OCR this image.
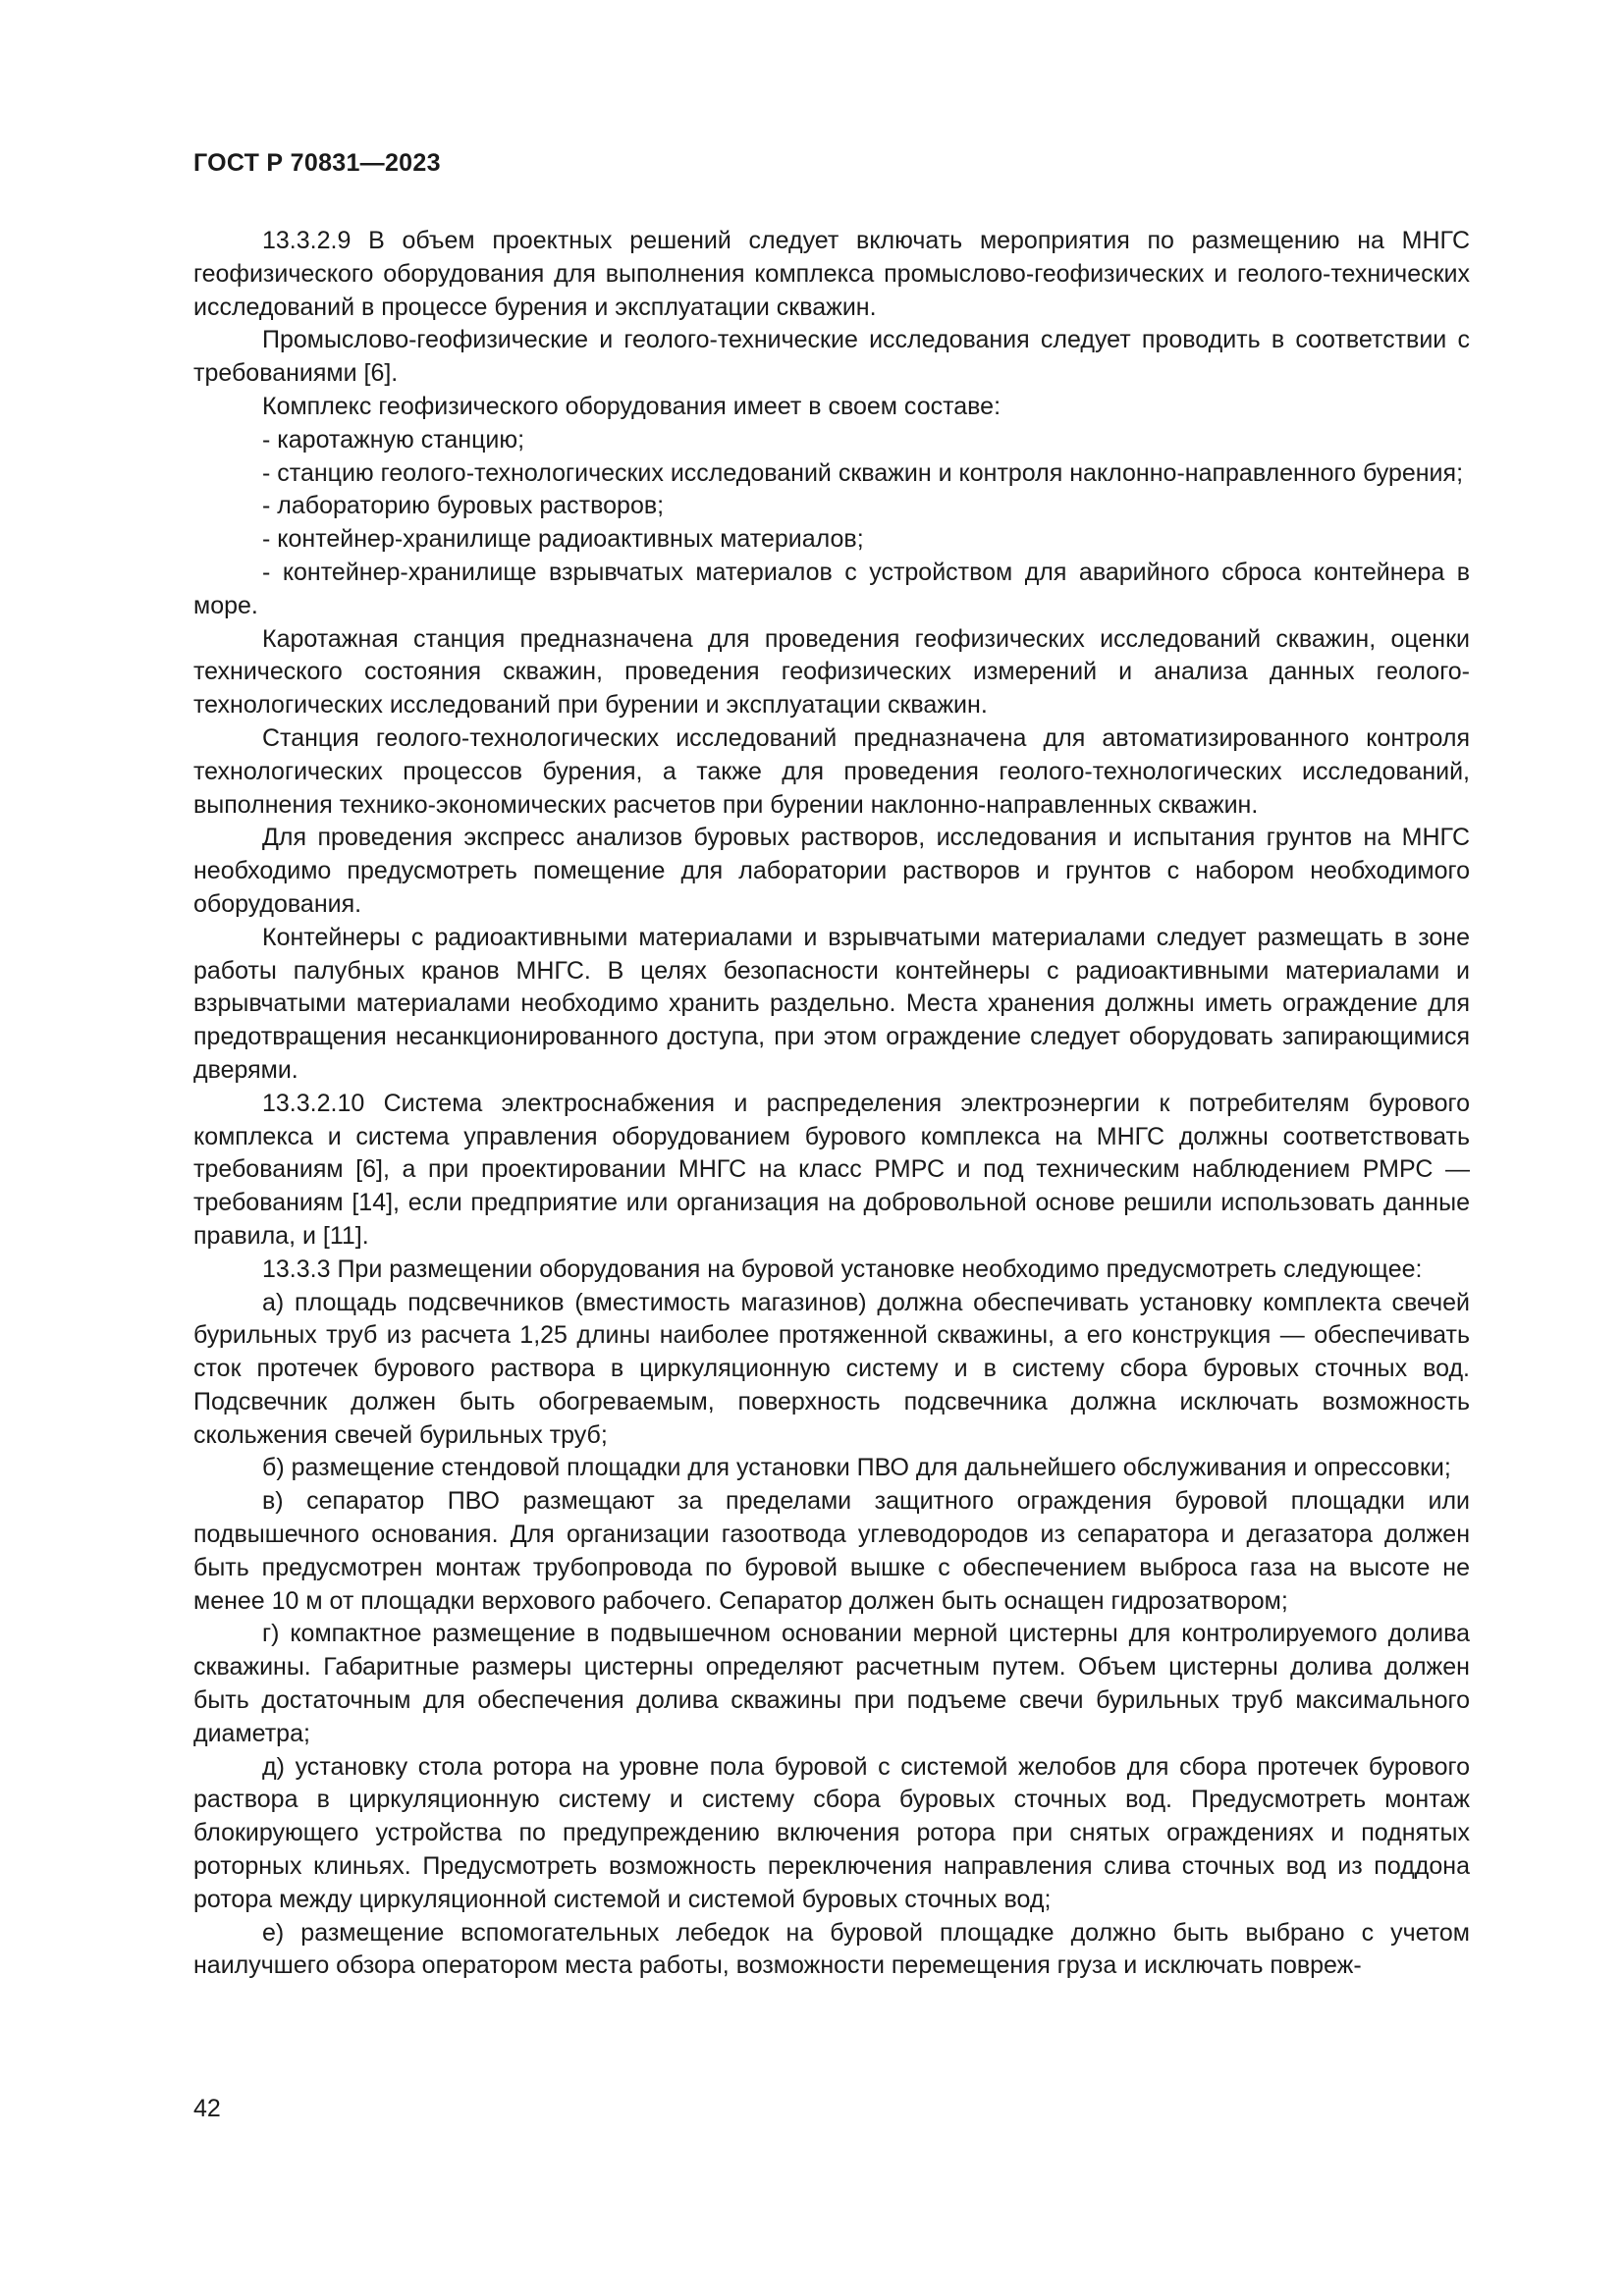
ГОСТ Р 70831—2023

13.3.2.9 В объем проектных решений следует включать мероприятия по размещению на МНГС геофизического оборудования для выполнения комплекса промыслово-геофизических и геолого-технических исследований в процессе бурения и эксплуатации скважин.

Промыслово-геофизические и геолого-технические исследования следует проводить в соответствии с требованиями [6].

Комплекс геофизического оборудования имеет в своем составе:

- каротажную станцию;

- станцию геолого-технологических исследований скважин и контроля наклонно-направленного бурения;

- лабораторию буровых растворов;

- контейнер-хранилище радиоактивных материалов;

- контейнер-хранилище взрывчатых материалов с устройством для аварийного сброса контейнера в море.

Каротажная станция предназначена для проведения геофизических исследований скважин, оценки технического состояния скважин, проведения геофизических измерений и анализа данных геолого-технологических исследований при бурении и эксплуатации скважин.

Станция геолого-технологических исследований предназначена для автоматизированного контроля технологических процессов бурения, а также для проведения геолого-технологических исследований, выполнения технико-экономических расчетов при бурении наклонно-направленных скважин.

Для проведения экспресс анализов буровых растворов, исследования и испытания грунтов на МНГС необходимо предусмотреть помещение для лаборатории растворов и грунтов с набором необходимого оборудования.

Контейнеры с радиоактивными материалами и взрывчатыми материалами следует размещать в зоне работы палубных кранов МНГС. В целях безопасности контейнеры с радиоактивными материалами и взрывчатыми материалами необходимо хранить раздельно. Места хранения должны иметь ограждение для предотвращения несанкционированного доступа, при этом ограждение следует оборудовать запирающимися дверями.

13.3.2.10 Система электроснабжения и распределения электроэнергии к потребителям бурового комплекса и система управления оборудованием бурового комплекса на МНГС должны соответствовать требованиям [6], а при проектировании МНГС на класс РМРС и под техническим наблюдением РМРС — требованиям [14], если предприятие или организация на добровольной основе решили использовать данные правила, и [11].

13.3.3 При размещении оборудования на буровой установке необходимо предусмотреть следующее:

а) площадь подсвечников (вместимость магазинов) должна обеспечивать установку комплекта свечей бурильных труб из расчета 1,25 длины наиболее протяженной скважины, а его конструкция — обеспечивать сток протечек бурового раствора в циркуляционную систему и в систему сбора буровых сточных вод. Подсвечник должен быть обогреваемым, поверхность подсвечника должна исключать возможность скольжения свечей бурильных труб;

б) размещение стендовой площадки для установки ПВО для дальнейшего обслуживания и опрессовки;

в) сепаратор ПВО размещают за пределами защитного ограждения буровой площадки или подвышечного основания. Для организации газоотвода углеводородов из сепаратора и дегазатора должен быть предусмотрен монтаж трубопровода по буровой вышке с обеспечением выброса газа на высоте не менее 10 м от площадки верхового рабочего. Сепаратор должен быть оснащен гидрозатвором;

г) компактное размещение в подвышечном основании мерной цистерны для контролируемого долива скважины. Габаритные размеры цистерны определяют расчетным путем. Объем цистерны долива должен быть достаточным для обеспечения долива скважины при подъеме свечи бурильных труб максимального диаметра;

д) установку стола ротора на уровне пола буровой с системой желобов для сбора протечек бурового раствора в циркуляционную систему и систему сбора буровых сточных вод. Предусмотреть монтаж блокирующего устройства по предупреждению включения ротора при снятых ограждениях и поднятых роторных клиньях. Предусмотреть возможность переключения направления слива сточных вод из поддона ротора между циркуляционной системой и системой буровых сточных вод;

е) размещение вспомогательных лебедок на буровой площадке должно быть выбрано с учетом наилучшего обзора оператором места работы, возможности перемещения груза и исключать повреж-

42
